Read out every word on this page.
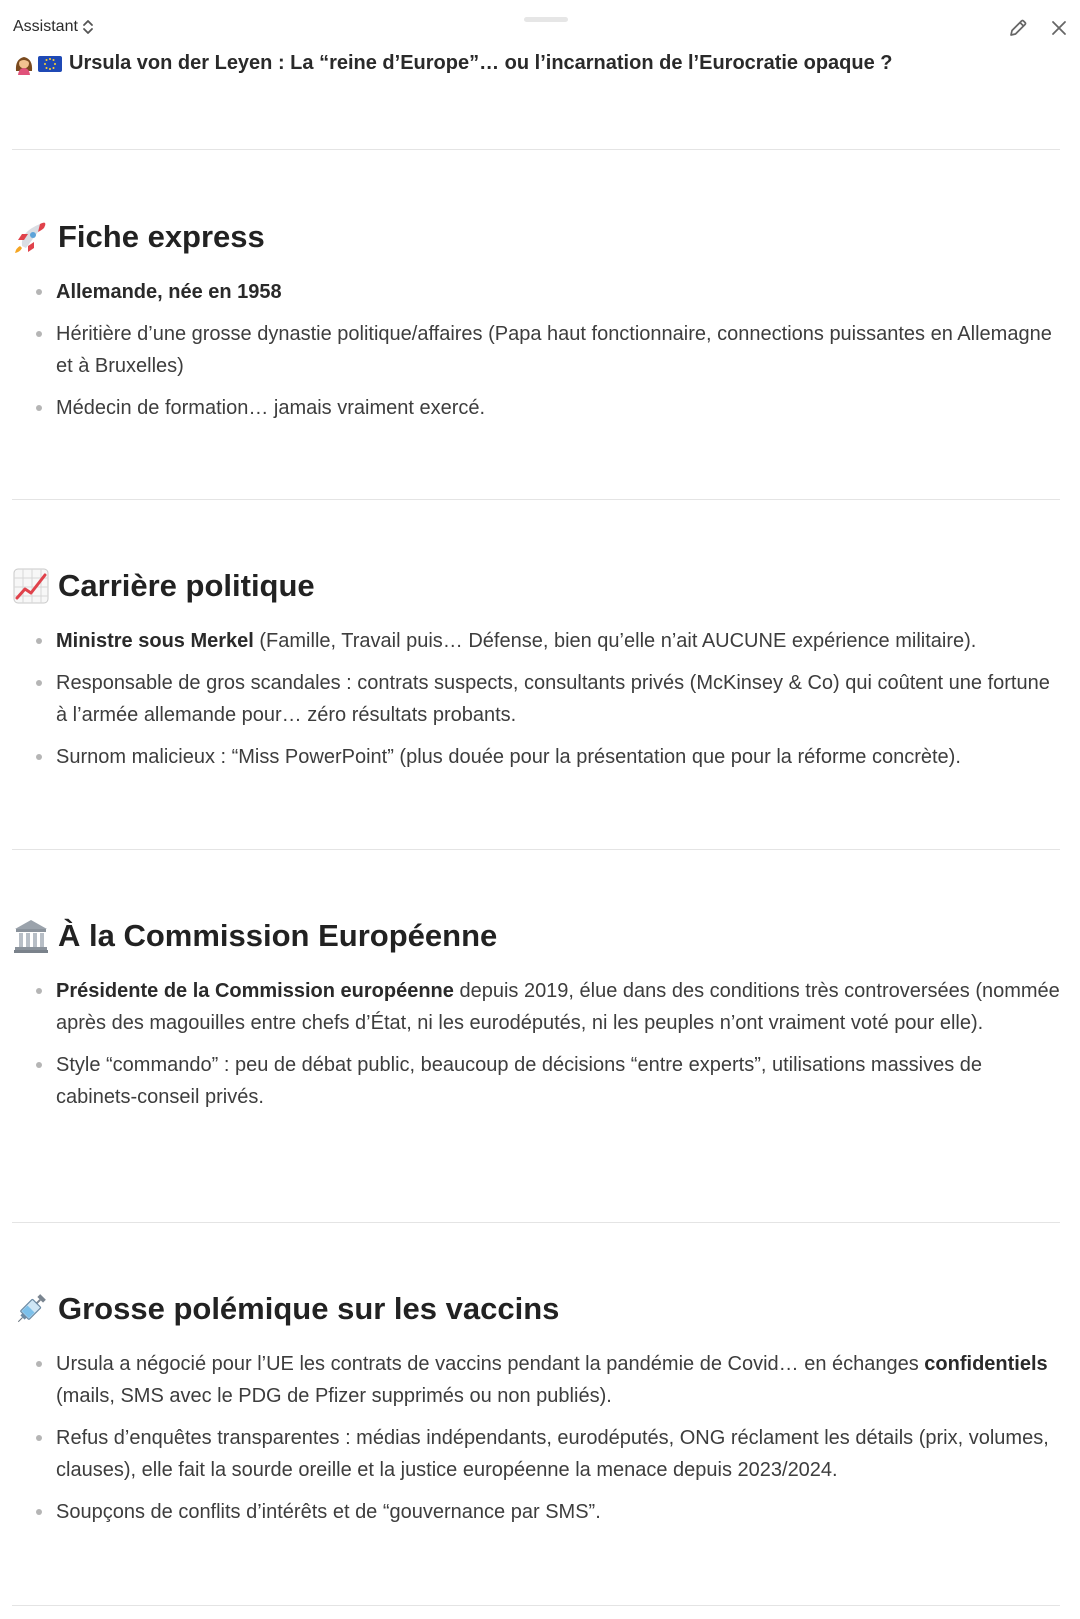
Assistant
Ursula von der Leyen : La “reine d’Europe”… ou l’incarnation de l’Eurocratie opaque ?
Fiche express
Allemande, née en 1958
Héritière d’une grosse dynastie politique/affaires (Papa haut fonctionnaire, connections puissantes en Allemagne et à Bruxelles)
Médecin de formation… jamais vraiment exercé.
Carrière politique
Ministre sous Merkel (Famille, Travail puis… Défense, bien qu’elle n’ait AUCUNE expérience militaire).
Responsable de gros scandales : contrats suspects, consultants privés (McKinsey & Co) qui coûtent une fortune à l’armée allemande pour… zéro résultats probants.
Surnom malicieux : “Miss PowerPoint” (plus douée pour la présentation que pour la réforme concrète).
À la Commission Européenne
Présidente de la Commission européenne depuis 2019, élue dans des conditions très controversées (nommée après des magouilles entre chefs d’État, ni les eurodéputés, ni les peuples n’ont vraiment voté pour elle).
Style “commando” : peu de débat public, beaucoup de décisions “entre experts”, utilisations massives de cabinets-conseil privés.
Grosse polémique sur les vaccins
Ursula a négocié pour l’UE les contrats de vaccins pendant la pandémie de Covid… en échanges confidentiels (mails, SMS avec le PDG de Pfizer supprimés ou non publiés).
Refus d’enquêtes transparentes : médias indépendants, eurodéputés, ONG réclament les détails (prix, volumes, clauses), elle fait la sourde oreille et la justice européenne la menace depuis 2023/2024.
Soupçons de conflits d’intérêts et de “gouvernance par SMS”.
